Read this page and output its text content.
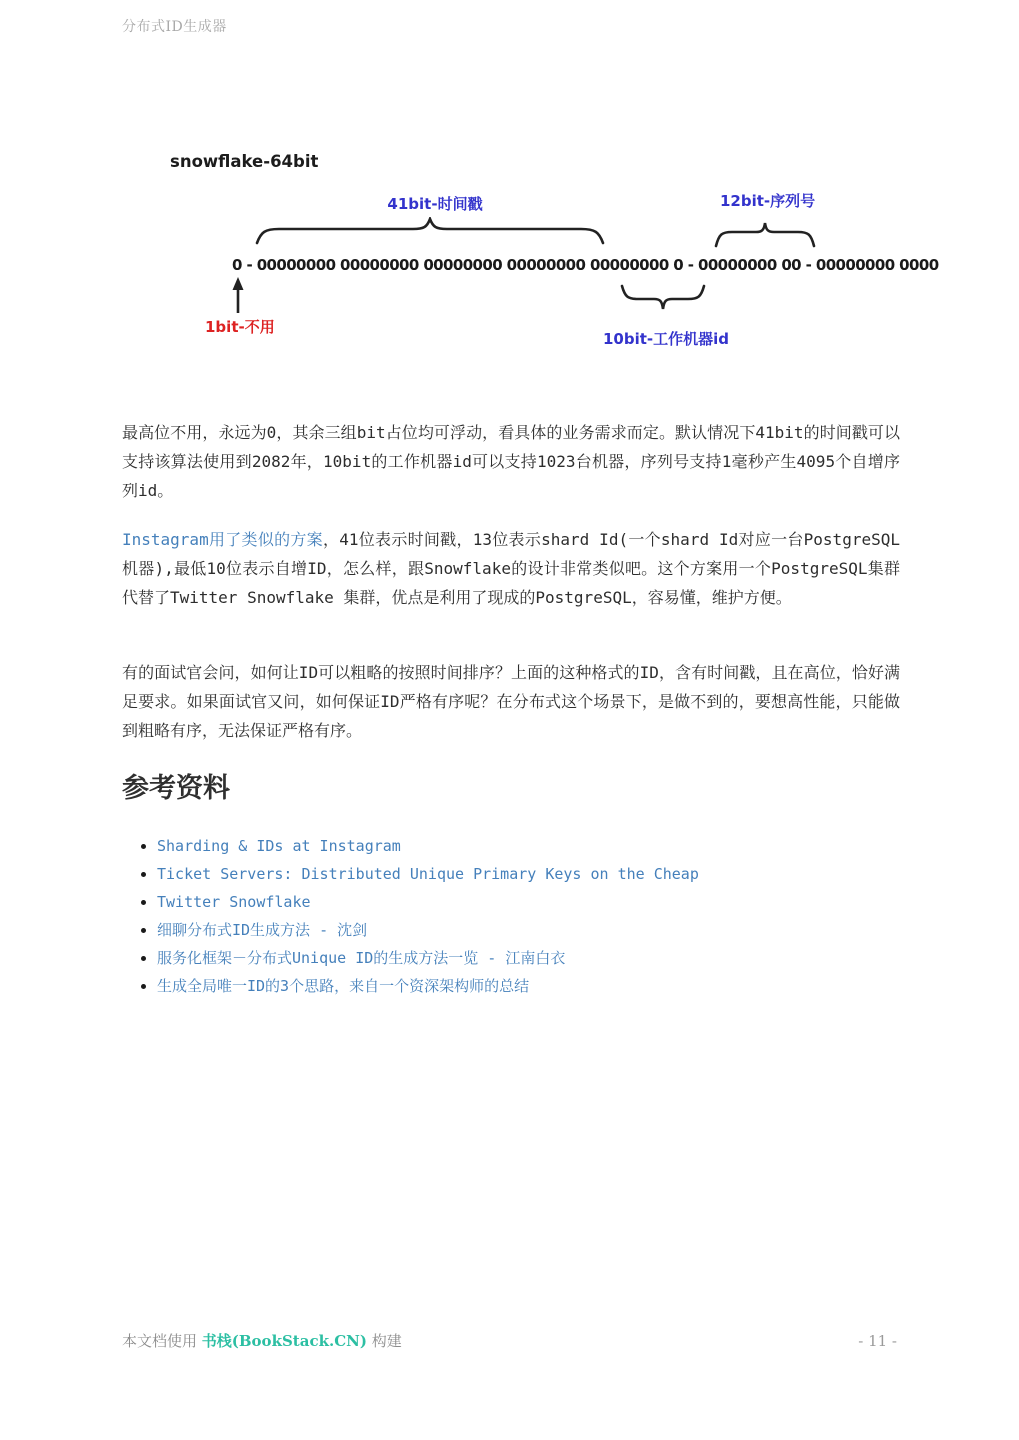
分布式ID生成器
snowflake-64bit
41bit-时间戳	12bit-序列号
0 - 00000000 00000000 00000000 00000000 00000000 0 - 00000000 00 - 00000000 0000
1bit-不用
10bit-工作机器id

最高位不用，永远为0，其余三组bit占位均可浮动，看具体的业务需求而定。默认情况下41bit的时间戳可以支持该算法使用到2082年，10bit的工作机器id可以支持1023台机器，序列号支持1毫秒产生4095个自增序列id。

Instagram用了类似的方案，41位表示时间戳，13位表示shard Id(一个shard Id对应一台PostgreSQL机器),最低10位表示自增ID，怎么样，跟Snowflake的设计非常类似吧。这个方案用一个PostgreSQL集群代替了Twitter Snowflake 集群，优点是利用了现成的PostgreSQL，容易懂，维护方便。

有的面试官会问，如何让ID可以粗略的按照时间排序？上面的这种格式的ID，含有时间戳，且在高位，恰好满足要求。如果面试官又问，如何保证ID严格有序呢？在分布式这个场景下，是做不到的，要想高性能，只能做到粗略有序，无法保证严格有序。

参考资料
• Sharding & IDs at Instagram
• Ticket Servers: Distributed Unique Primary Keys on the Cheap
• Twitter Snowflake
• 细聊分布式ID生成方法 - 沈剑
• 服务化框架－分布式Unique ID的生成方法一览 - 江南白衣
• 生成全局唯一ID的3个思路，来自一个资深架构师的总结
本文档使用 书栈(BookStack.CN) 构建	- 11 -
